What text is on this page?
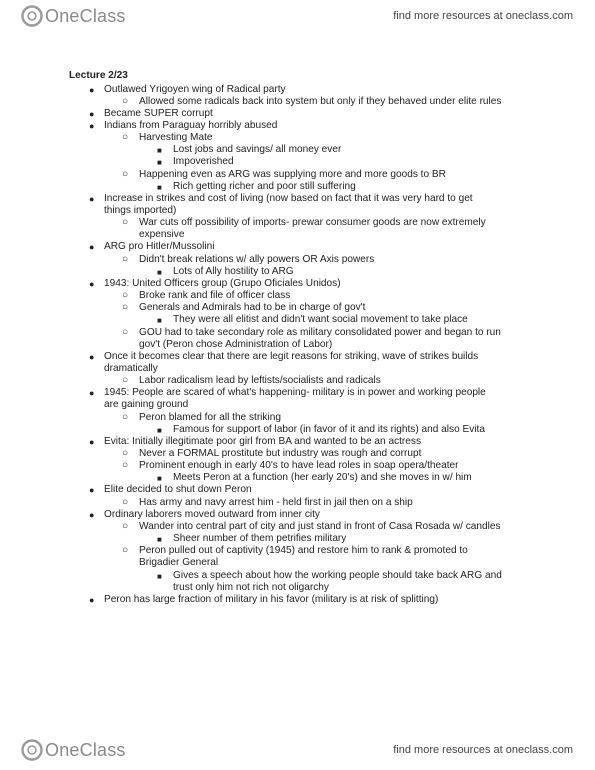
OneClass	find more resources at oneclass.com
Lecture 2/23
● Outlawed Yrigoyen wing of Radical party
○ Allowed some radicals back into system but only if they behaved under elite rules
● Became SUPER corrupt
● Indians from Paraguay horribly abused
○ Harvesting Mate
■ Lost jobs and savings/ all money ever
■ Impoverished
○ Happening even as ARG was supplying more and more goods to BR
■ Rich getting richer and poor still suffering
● Increase in strikes and cost of living (now based on fact that it was very hard to get
things imported)
○ War cuts off possibility of imports- prewar consumer goods are now extremely
expensive
● ARG pro Hitler/Mussolini
○ Didn't break relations w/ ally powers OR Axis powers
■ Lots of Ally hostility to ARG
● 1943: United Officers group (Grupo Oficiales Unidos)
○ Broke rank and file of officer class
○ Generals and Admirals had to be in charge of gov't
■ They were all elitist and didn't want social movement to take place
○ GOU had to take secondary role as military consolidated power and began to run
gov't (Peron chose Administration of Labor)
● Once it becomes clear that there are legit reasons for striking, wave of strikes builds
dramatically
○ Labor radicalism lead by leftists/socialists and radicals
● 1945: People are scared of what's happening- military is in power and working people
are gaining ground
○ Peron blamed for all the striking
■ Famous for support of labor (in favor of it and its rights) and also Evita
● Evita: Initially illegitimate poor girl from BA and wanted to be an actress
○ Never a FORMAL prostitute but industry was rough and corrupt
○ Prominent enough in early 40's to have lead roles in soap opera/theater
■ Meets Peron at a function (her early 20's) and she moves in w/ him
● Elite decided to shut down Peron
○ Has army and navy arrest him - held first in jail then on a ship
● Ordinary laborers moved outward from inner city
○ Wander into central part of city and just stand in front of Casa Rosada w/ candles
■ Sheer number of them petrifies military
○ Peron pulled out of captivity (1945) and restore him to rank & promoted to
Brigadier General
■ Gives a speech about how the working people should take back ARG and
trust only him not rich not oligarchy
● Peron has large fraction of military in his favor (military is at risk of splitting)
OneClass	find more resources at oneclass.com
